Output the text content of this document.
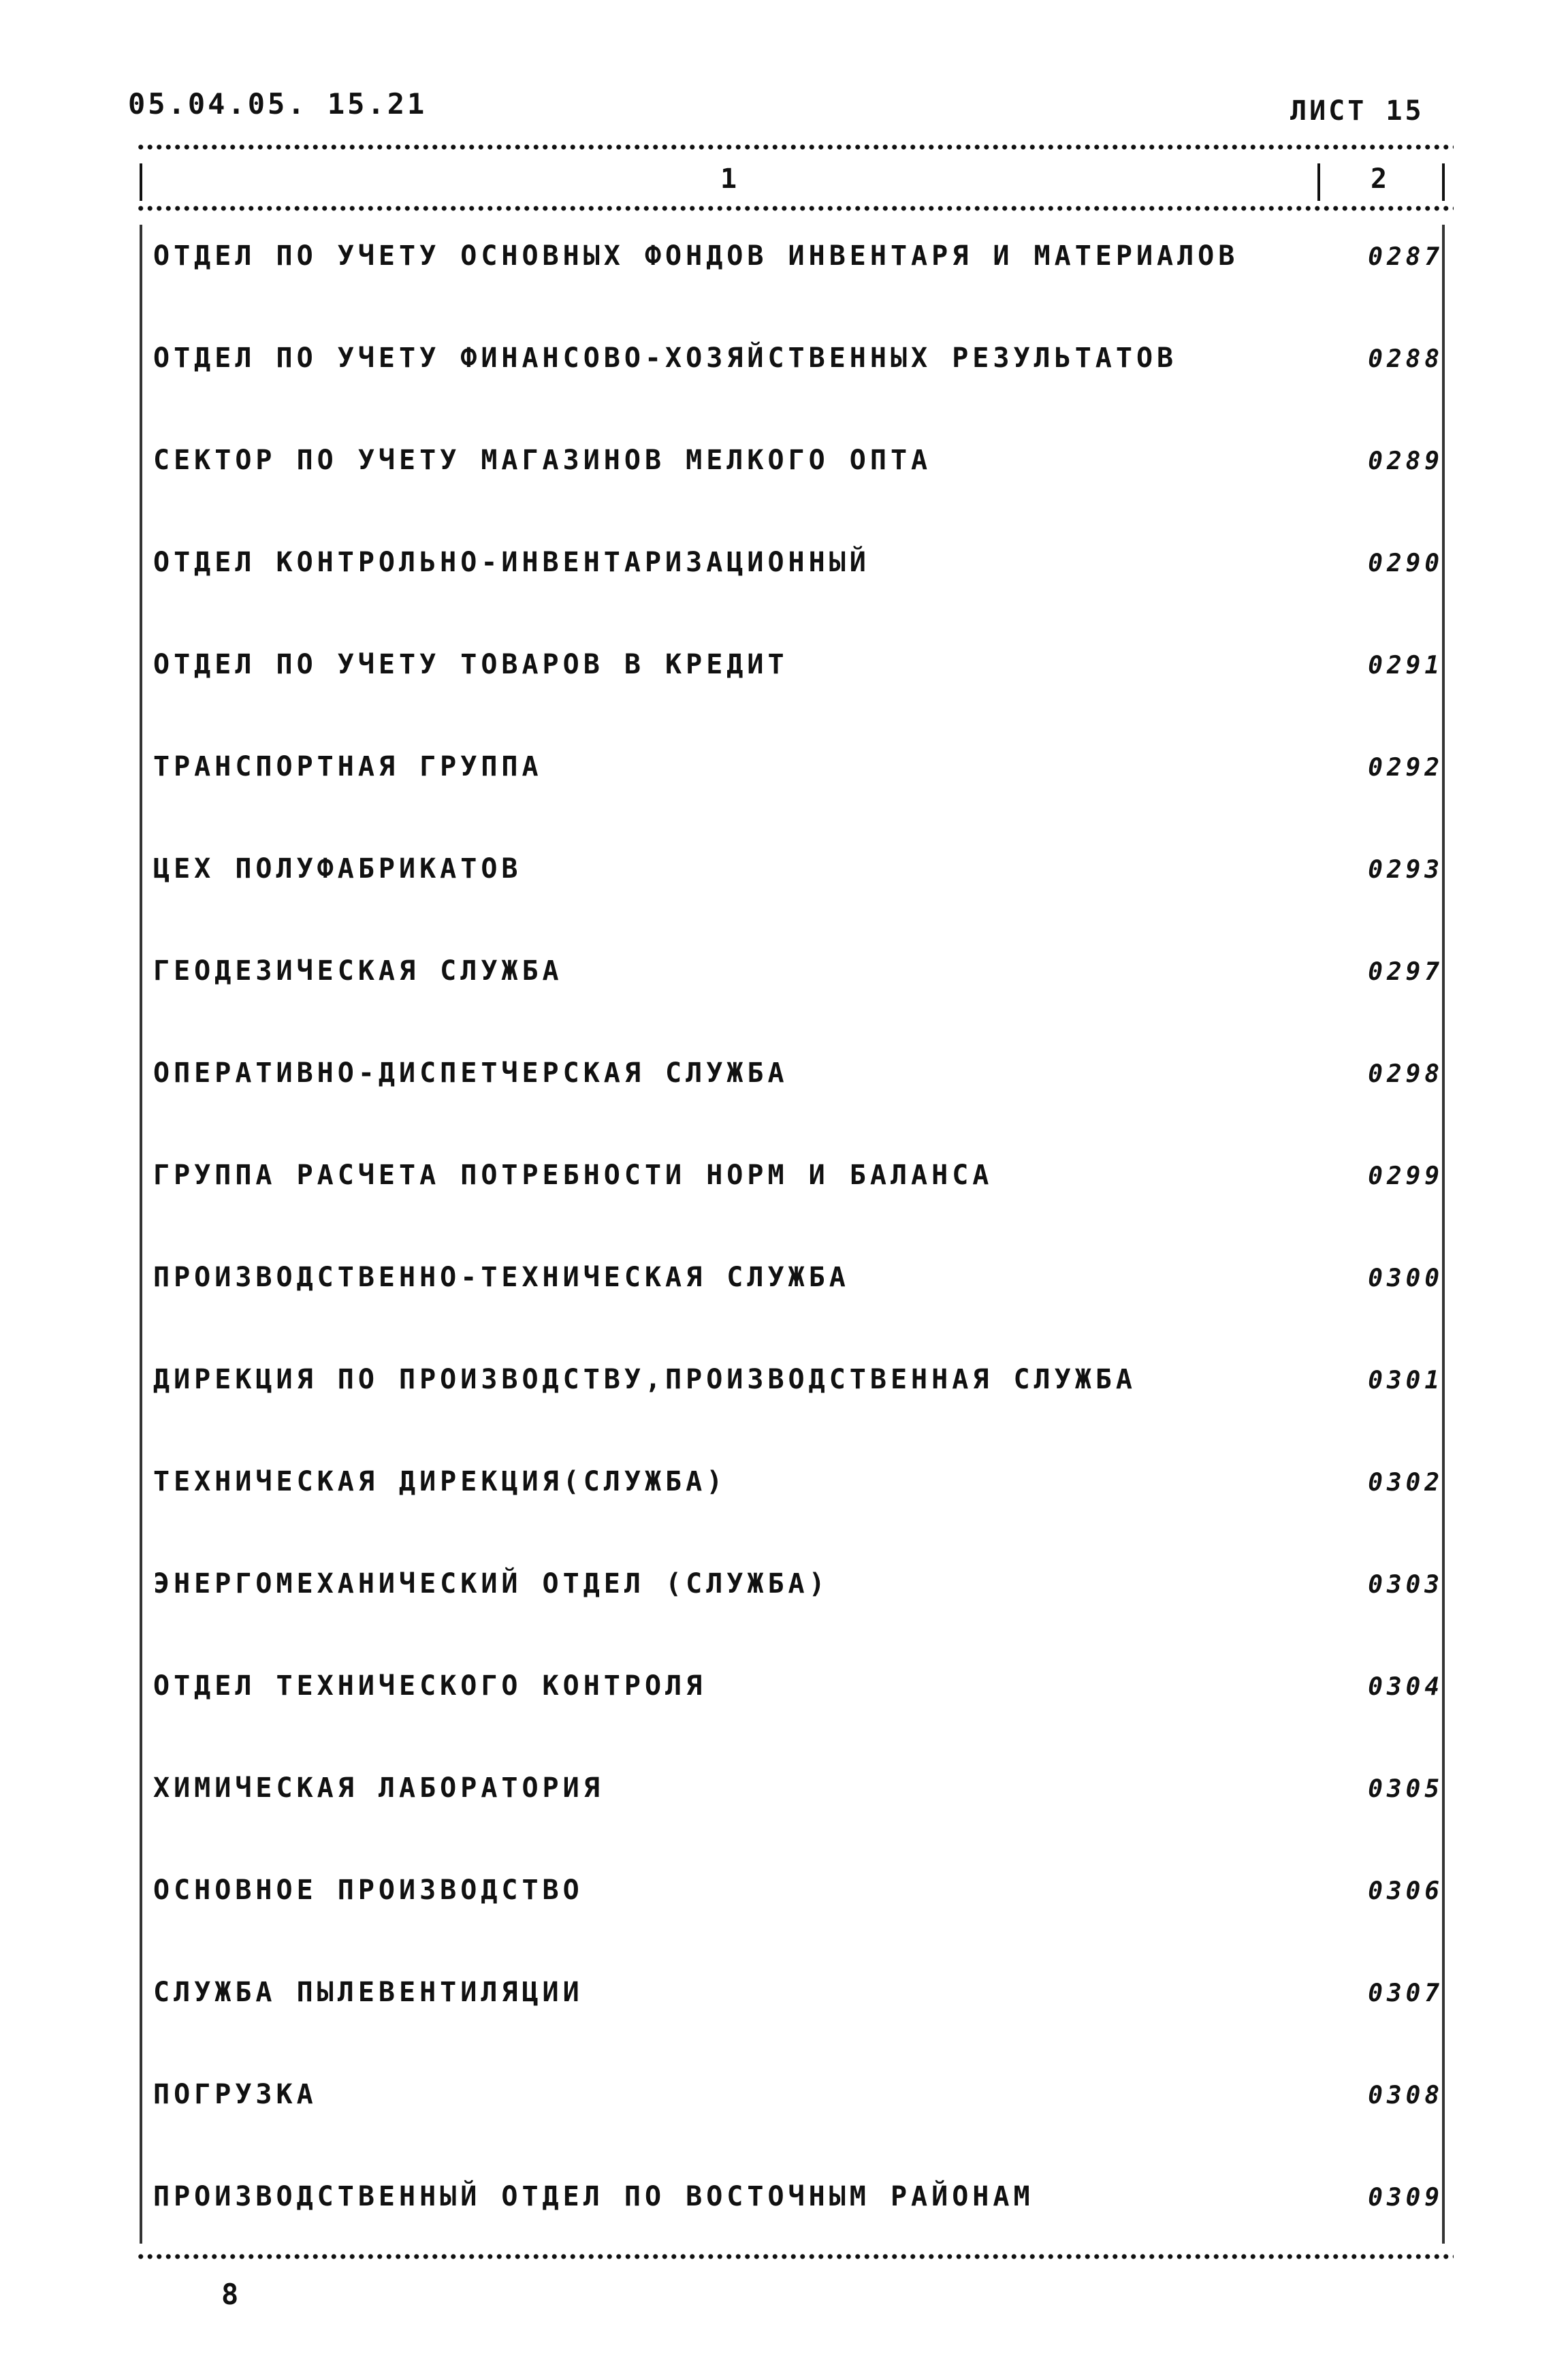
05.04.05. 15.21	ЛИСТ 15
1	2
ОТДЕЛ ПО УЧЕТУ ОСНОВНЫХ ФОНДОВ ИНВЕНТАРЯ И МАТЕРИАЛОВ	0287
ОТДЕЛ ПО УЧЕТУ ФИНАНСОВО-ХОЗЯЙСТВЕННЫХ РЕЗУЛЬТАТОВ	0288
СЕКТОР ПО УЧЕТУ МАГАЗИНОВ МЕЛКОГО ОПТА	0289
ОТДЕЛ КОНТРОЛЬНО-ИНВЕНТАРИЗАЦИОННЫЙ	0290
ОТДЕЛ ПО УЧЕТУ ТОВАРОВ В КРЕДИТ	0291
ТРАНСПОРТНАЯ ГРУППА	0292
ЦЕХ ПОЛУФАБРИКАТОВ	0293
ГЕОДЕЗИЧЕСКАЯ СЛУЖБА	0297
ОПЕРАТИВНО-ДИСПЕТЧЕРСКАЯ СЛУЖБА	0298
ГРУППА РАСЧЕТА ПОТРЕБНОСТИ НОРМ И БАЛАНСА	0299
ПРОИЗВОДСТВЕННО-ТЕХНИЧЕСКАЯ СЛУЖБА	0300
ДИРЕКЦИЯ ПО ПРОИЗВОДСТВУ,ПРОИЗВОДСТВЕННАЯ СЛУЖБА	0301
ТЕХНИЧЕСКАЯ ДИРЕКЦИЯ(СЛУЖБА)	0302
ЭНЕРГОМЕХАНИЧЕСКИЙ ОТДЕЛ (СЛУЖБА)	0303
ОТДЕЛ ТЕХНИЧЕСКОГО КОНТРОЛЯ	0304
ХИМИЧЕСКАЯ ЛАБОРАТОРИЯ	0305
ОСНОВНОЕ ПРОИЗВОДСТВО	0306
СЛУЖБА ПЫЛЕВЕНТИЛЯЦИИ	0307
ПОГРУЗКА	0308
ПРОИЗВОДСТВЕННЫЙ ОТДЕЛ ПО ВОСТОЧНЫМ РАЙОНАМ	0309
8
